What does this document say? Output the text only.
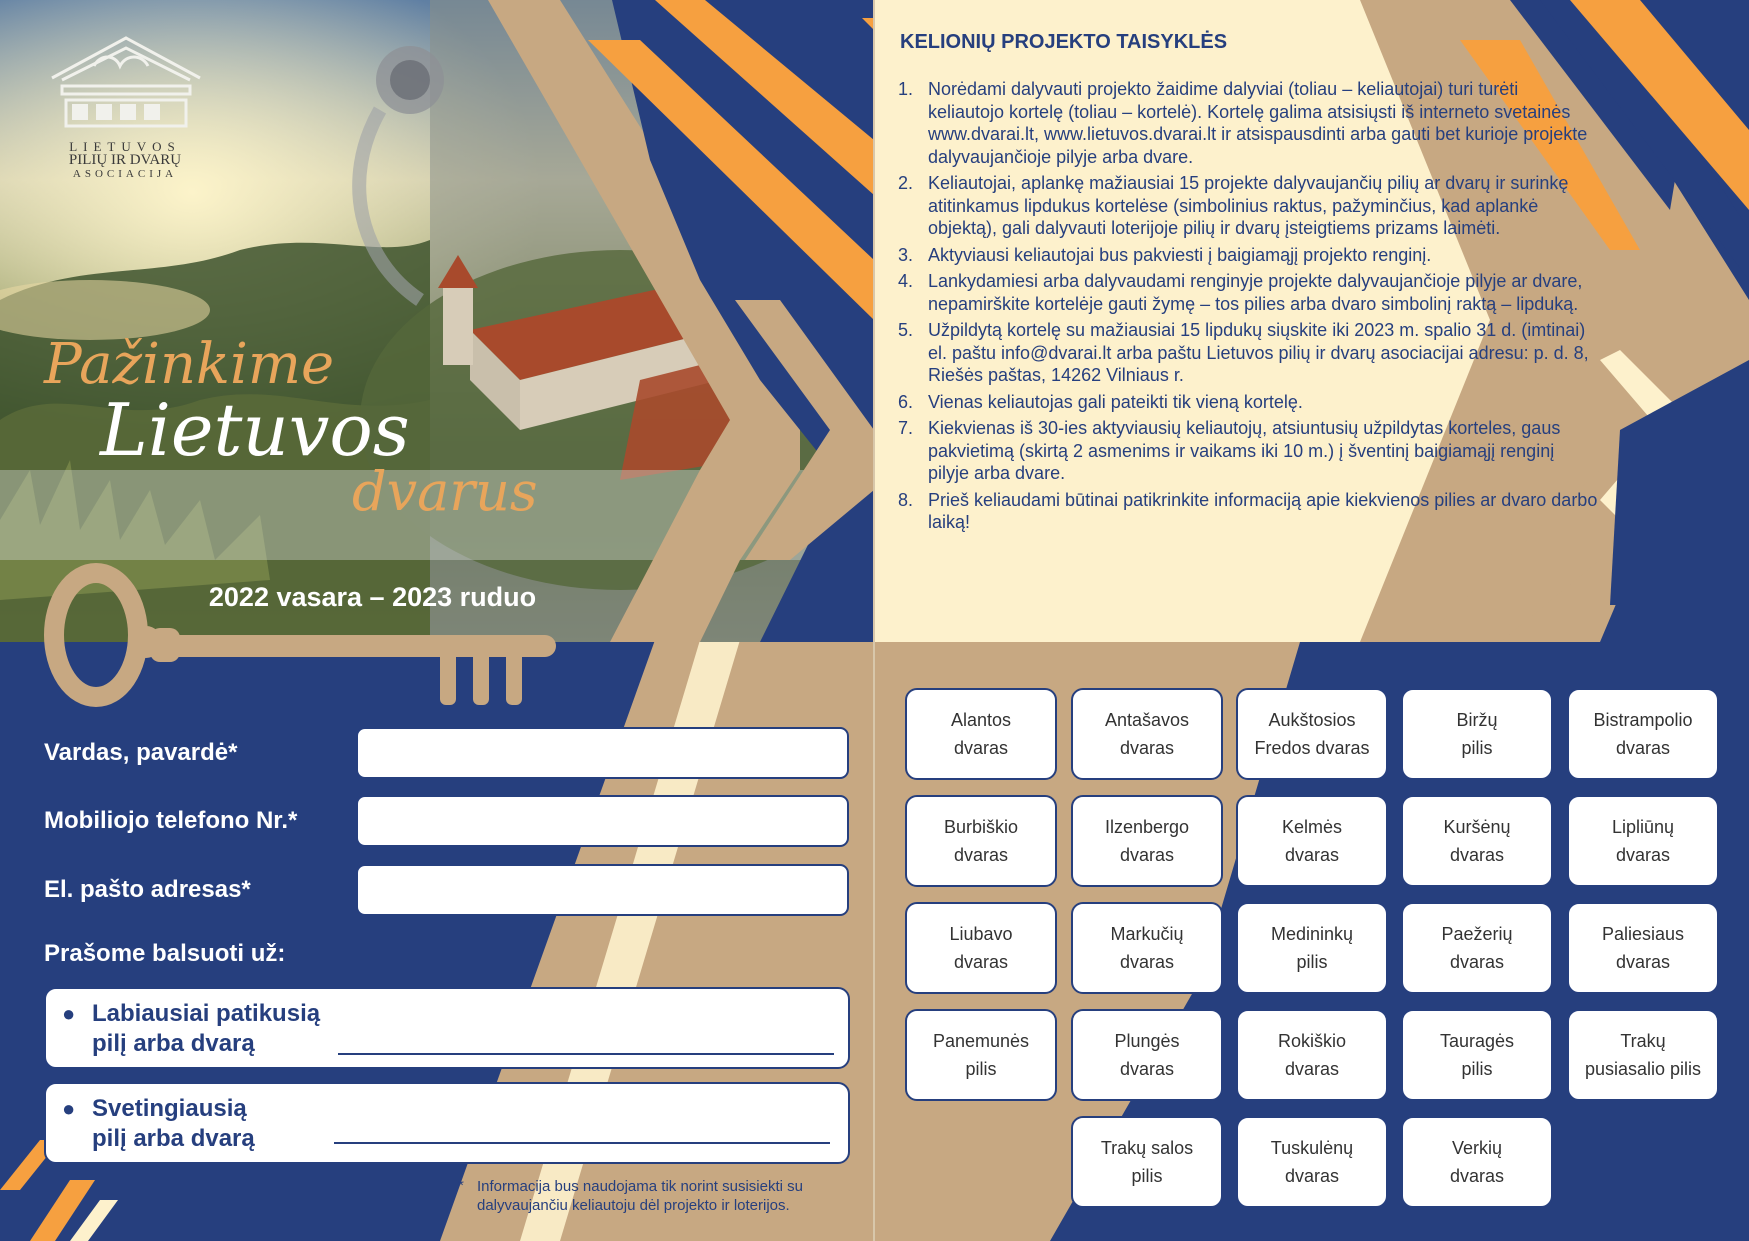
LIETUVOS
PILIŲ IR DVARŲ
ASOCIACIJA
Pažinkime
Lietuvos
dvarus
2022 vasara – 2023 ruduo
Vardas, pavardė*
Mobiliojo telefono Nr.*
El. pašto adresas*
Prašome balsuoti už:
● Labiausiai patikusią
pilį arba dvarą
● Svetingiausią
pilį arba dvarą
* Informacija bus naudojama tik norint susisiekti su dalyvaujančiu keliautoju dėl projekto ir loterijos.
KELIONIŲ PROJEKTO TAISYKLĖS
1. Norėdami dalyvauti projekto žaidime dalyviai (toliau – keliautojai) turi turėti keliautojo kortelę (toliau – kortelė). Kortelę galima atsisiųsti iš interneto svetainės www.dvarai.lt, www.lietuvos.dvarai.lt ir atsispausdinti arba gauti bet kurioje projekte dalyvaujančioje pilyje arba dvare.
2. Keliautojai, aplankę mažiausiai 15 projekte dalyvaujančių pilių ar dvarų ir surinkę atitinkamus lipdukus kortelėse (simbolinius raktus, pažyminčius, kad aplankė objektą), gali dalyvauti loterijoje pilių ir dvarų įsteigtiems prizams laimėti.
3. Aktyviausi keliautojai bus pakviesti į baigiamąjį projekto renginį.
4. Lankydamiesi arba dalyvaudami renginyje projekte dalyvaujančioje pilyje ar dvare, nepamirškite kortelėje gauti žymę – tos pilies arba dvaro simbolinį raktą – lipduką.
5. Užpildytą kortelę su mažiausiai 15 lipdukų siųskite iki 2023 m. spalio 31 d. (imtinai) el. paštu info@dvarai.lt arba paštu Lietuvos pilių ir dvarų asociacijai adresu: p. d. 8, Riešės paštas, 14262 Vilniaus r.
6. Vienas keliautojas gali pateikti tik vieną kortelę.
7. Kiekvienas iš 30-ies aktyviausių keliautojų, atsiuntusių užpildytas korteles, gaus pakvietimą (skirtą 2 asmenims ir vaikams iki 10 m.) į šventinį baigiamąjį renginį pilyje arba dvare.
8. Prieš keliaudami būtinai patikrinkite informaciją apie kiekvienos pilies ar dvaro darbo laiką!
Alantos
dvaras
Antašavos
dvaras
Aukštosios
Fredos dvaras
Biržų
pilis
Bistrampolio
dvaras
Burbiškio
dvaras
Ilzenbergo
dvaras
Kelmės
dvaras
Kuršėnų
dvaras
Lipliūnų
dvaras
Liubavo
dvaras
Markučių
dvaras
Medininkų
pilis
Paežerių
dvaras
Paliesiaus
dvaras
Panemunės
pilis
Plungės
dvaras
Rokiškio
dvaras
Tauragės
pilis
Trakų
pusiasalio pilis
Trakų salos
pilis
Tuskulėnų
dvaras
Verkių
dvaras
